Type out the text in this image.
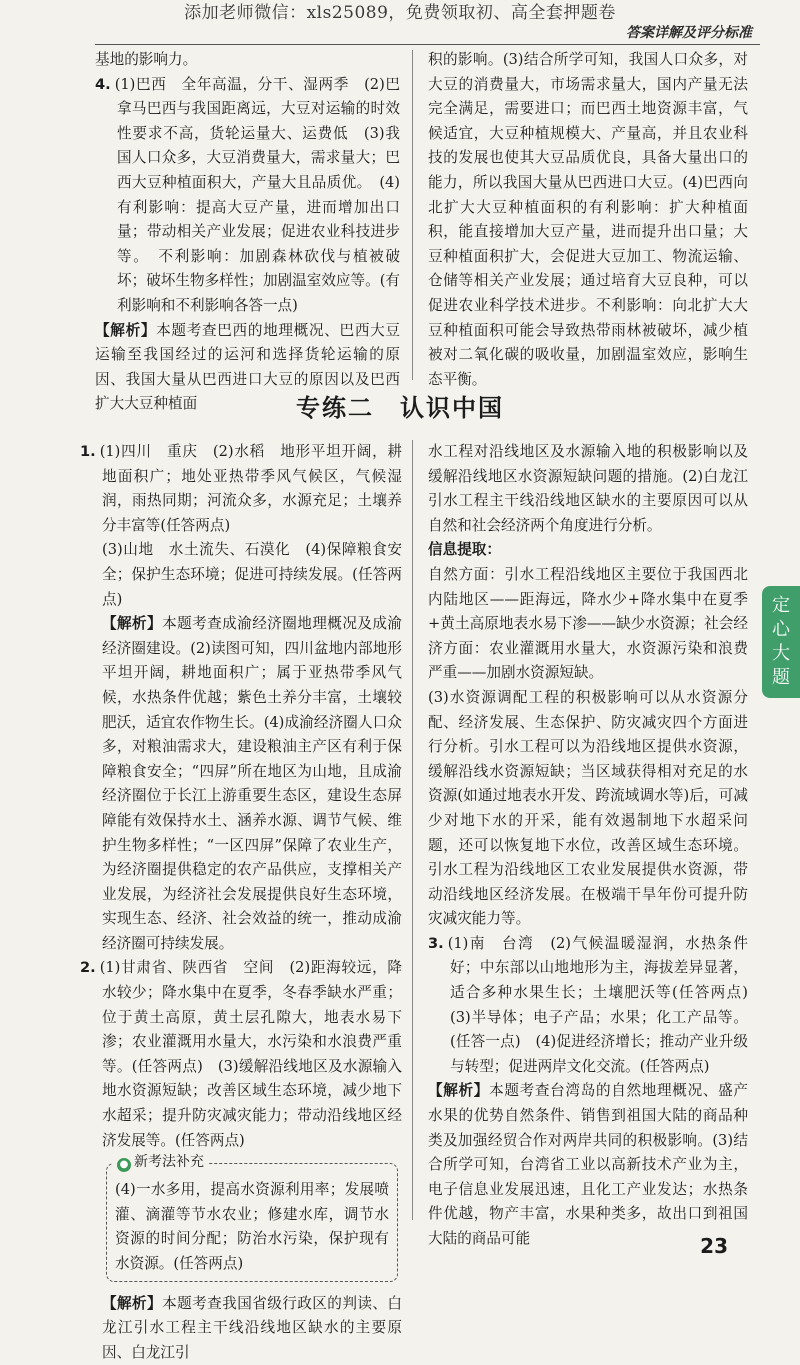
添加老师微信：xls25089，免费领取初、高全套押题卷
答案详解及评分标准

基地的影响力。

4. (1)巴西　全年高温，分干、湿两季　(2)巴拿马巴西与我国距离远，大豆对运输的时效性要求不高，货轮运量大、运费低　(3)我国人口众多，大豆消费量大，需求量大；巴西大豆种植面积大，产量大且品质优。　(4)有利影响：提高大豆产量，进而增加出口量；带动相关产业发展；促进农业科技进步等。　不利影响：加剧森林砍伐与植被破坏；破坏生物多样性；加剧温室效应等。(有利影响和不利影响各答一点)

【解析】本题考查巴西的地理概况、巴西大豆运输至我国经过的运河和选择货轮运输的原因、我国大量从巴西进口大豆的原因以及巴西扩大大豆种植面

积的影响。(3)结合所学可知，我国人口众多，对大豆的消费量大，市场需求量大，国内产量无法完全满足，需要进口；而巴西土地资源丰富，气候适宜，大豆种植规模大、产量高，并且农业科技的发展也使其大豆品质优良，具备大量出口的能力，所以我国大量从巴西进口大豆。(4)巴西向北扩大大豆种植面积的有利影响：扩大种植面积，能直接增加大豆产量，进而提升出口量；大豆种植面积扩大，会促进大豆加工、物流运输、仓储等相关产业发展；通过培育大豆良种，可以促进农业科学技术进步。不利影响：向北扩大大豆种植面积可能会导致热带雨林被破坏，减少植被对二氧化碳的吸收量，加剧温室效应，影响生态平衡。

专练二　认识中国

1. (1)四川　重庆　(2)水稻　地形平坦开阔，耕地面积广；地处亚热带季风气候区，气候湿润，雨热同期；河流众多，水源充足；土壤养分丰富等(任答两点)

(3)山地　水土流失、石漠化　(4)保障粮食安全；保护生态环境；促进可持续发展。(任答两点)

【解析】本题考查成渝经济圈地理概况及成渝经济圈建设。(2)读图可知，四川盆地内部地形平坦开阔，耕地面积广；属于亚热带季风气候，水热条件优越；紫色土养分丰富，土壤较肥沃，适宜农作物生长。(4)成渝经济圈人口众多，对粮油需求大，建设粮油主产区有利于保障粮食安全；“四屏”所在地区为山地，且成渝经济圈位于长江上游重要生态区，建设生态屏障能有效保持水土、涵养水源、调节气候、维护生物多样性；“一区四屏”保障了农业生产，为经济圈提供稳定的农产品供应，支撑相关产业发展，为经济社会发展提供良好生态环境，实现生态、经济、社会效益的统一，推动成渝经济圈可持续发展。

2. (1)甘肃省、陕西省　空间　(2)距海较远，降水较少；降水集中在夏季，冬春季缺水严重；位于黄土高原，黄土层孔隙大，地表水易下渗；农业灌溉用水量大，水污染和水浪费严重等。(任答两点)　(3)缓解沿线地区及水源输入地水资源短缺；改善区域生态环境，减少地下水超采；提升防灾减灾能力；带动沿线地区经济发展等。(任答两点)

● 新考法补充

(4)一水多用，提高水资源利用率；发展喷灌、滴灌等节水农业；修建水库，调节水资源的时间分配；防治水污染，保护现有水资源。(任答两点)

【解析】本题考查我国省级行政区的判读、白龙江引水工程主干线沿线地区缺水的主要原因、白龙江引

水工程对沿线地区及水源输入地的积极影响以及缓解沿线地区水资源短缺问题的措施。(2)白龙江引水工程主干线沿线地区缺水的主要原因可以从自然和社会经济两个角度进行分析。

信息提取：

自然方面：引水工程沿线地区主要位于我国西北内陆地区——距海远，降水少+降水集中在夏季+黄土高原地表水易下渗——缺少水资源；社会经济方面：农业灌溉用水量大，水资源污染和浪费严重——加剧水资源短缺。

(3)水资源调配工程的积极影响可以从水资源分配、经济发展、生态保护、防灾减灾四个方面进行分析。引水工程可以为沿线地区提供水资源，缓解沿线水资源短缺；当区域获得相对充足的水资源(如通过地表水开发、跨流域调水等)后，可减少对地下水的开采，能有效遏制地下水超采问题，还可以恢复地下水位，改善区域生态环境。引水工程为沿线地区工农业发展提供水资源，带动沿线地区经济发展。在极端干旱年份可提升防灾减灾能力等。

3. (1)南　台湾　(2)气候温暖湿润，水热条件好；中东部以山地地形为主，海拔差异显著，适合多种水果生长；土壤肥沃等(任答两点)　(3)半导体；电子产品；水果；化工产品等。(任答一点)　(4)促进经济增长；推动产业升级与转型；促进两岸文化交流。(任答两点)

【解析】本题考查台湾岛的自然地理概况、盛产水果的优势自然条件、销售到祖国大陆的商品种类及加强经贸合作对两岸共同的积极影响。(3)结合所学可知，台湾省工业以高新技术产业为主，电子信息业发展迅速，且化工产业发达；水热条件优越，物产丰富，水果种类多，故出口到祖国大陆的商品可能

定
心
大
题
23
